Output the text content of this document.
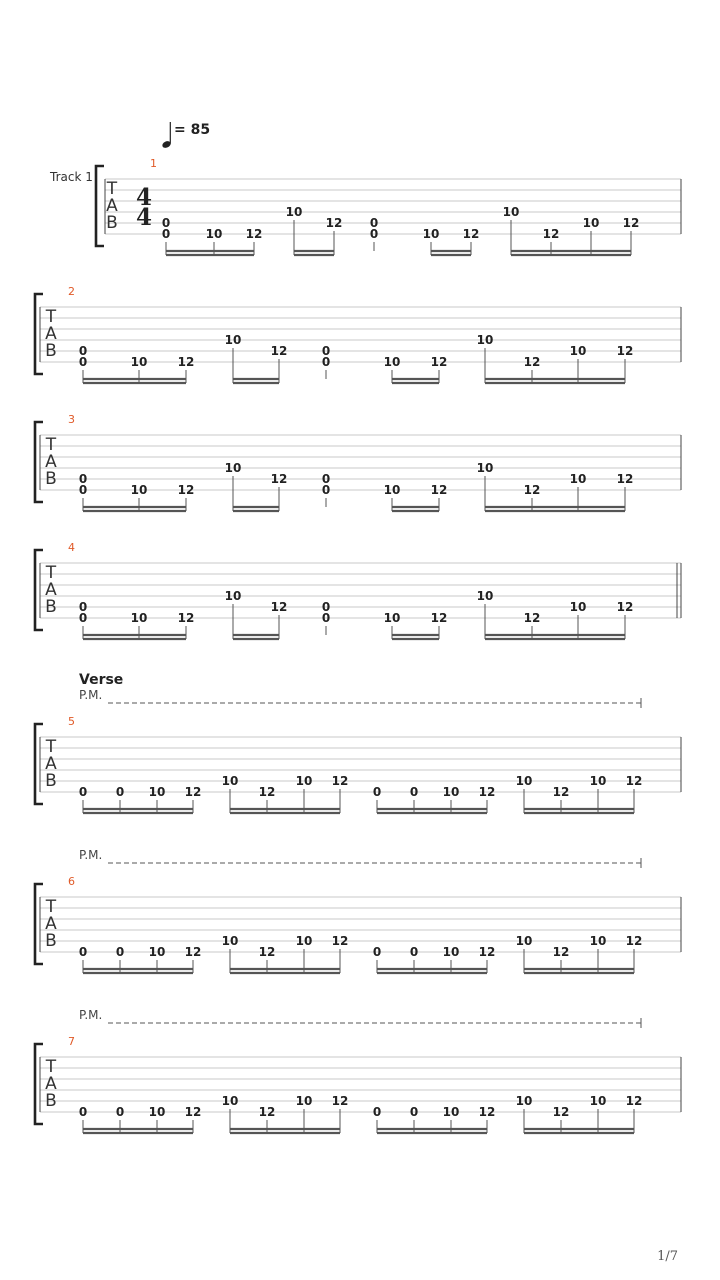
= 85
T
A
B
1
Track 1
4
4 0
0	10 12
10
12 0
0	10 12
10
12
10 12
T
A
B
2
0
0	10	12
10
12	0
0	10	12
10
12
10	12
T
A
B
3
0
0	10	12
10
12	0
0	10	12
10
12
10	12
T
A
B
4
0
0	10	12
10
12	0
0	10	12
10
12
10	12
T
A
B
5
Verse
P.M.
0 0 10 12
10
12
10 12
0 0 10 12
10
12
10 12
T
A
B
6
P.M.
0 0 10 12
10
12
10 12
0 0 10 12
10
12
10 12
T
A
B
7
P.M.
0 0 10 12
10
12
10 12
0 0 10 12
10
12
10 12
1/7
